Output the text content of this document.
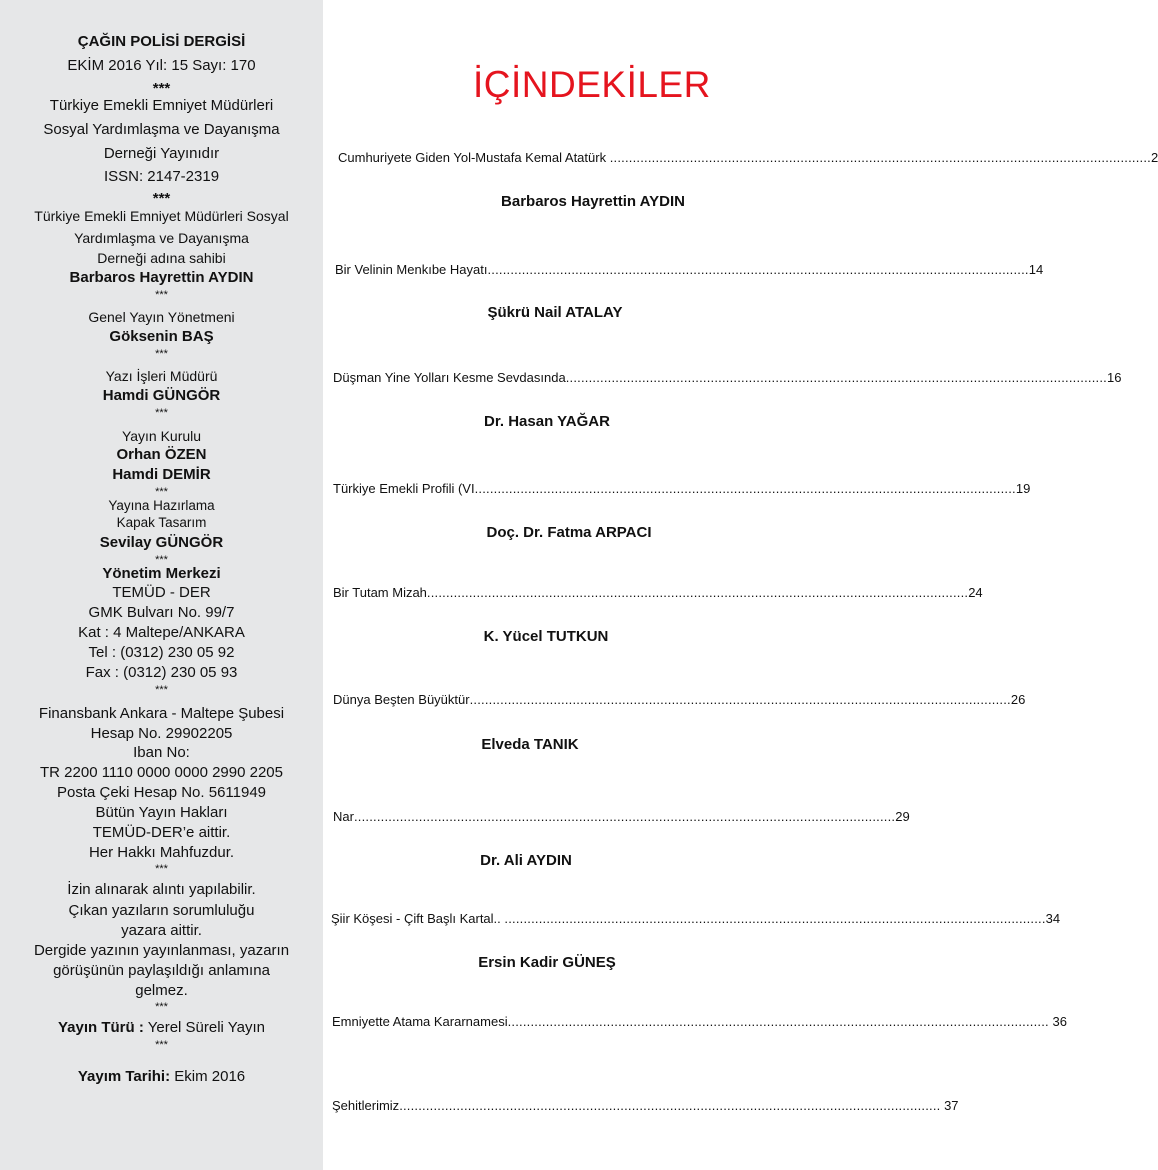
ÇAĞIN POLİSİ DERGİSİ
EKİM 2016 Yıl: 15 Sayı: 170
***
Türkiye Emekli Emniyet Müdürleri
Sosyal Yardımlaşma ve Dayanışma
Derneği Yayınıdır
ISSN: 2147-2319
***
Türkiye Emekli Emniyet Müdürleri Sosyal
Yardımlaşma ve Dayanışma
Derneği adına sahibi
Barbaros Hayrettin AYDIN
***
Genel Yayın Yönetmeni
Göksenin BAŞ
***
Yazı İşleri Müdürü
Hamdi GÜNGÖR
***
Yayın Kurulu
Orhan ÖZEN
Hamdi DEMİR
***
Yayına Hazırlama
Kapak Tasarım
Sevilay GÜNGÖR
***
Yönetim Merkezi
TEMÜD - DER
GMK Bulvarı No. 99/7
Kat : 4 Maltepe/ANKARA
Tel : (0312) 230 05 92
Fax : (0312) 230 05 93
***
Finansbank Ankara - Maltepe Şubesi
Hesap No. 29902205
Iban No:
TR 2200 1110 0000 0000 2990 2205
Posta Çeki Hesap No. 5611949
Bütün Yayın Hakları
TEMÜD-DER’e aittir.
Her Hakkı Mahfuzdur.
***
İzin alınarak alıntı yapılabilir.
Çıkan yazıların sorumluluğu
yazara aittir.
Dergide yazının yayınlanması, yazarın
görüşünün paylaşıldığı anlamına
gelmez.
***
Yayın Türü : Yerel Süreli Yayın
***
Yayım Tarihi: Ekim 2016
İÇİNDEKİLER
Cumhuriyete Giden Yol-Mustafa Kemal Atatürk .............................................................................................................................................. 2
Barbaros Hayrettin AYDIN
Bir Velinin Menkıbe Hayatı .............................................................................................................................................. 14
Şükrü Nail ATALAY
Düşman Yine Yolları Kesme Sevdasında .............................................................................................................................................. 16
Dr. Hasan YAĞAR
Türkiye Emekli Profili (VI .............................................................................................................................................. 19
Doç. Dr. Fatma ARPACI
Bir Tutam Mizah .............................................................................................................................................. 24
K. Yücel TUTKUN
Dünya Beşten Büyüktür .............................................................................................................................................. 26
Elveda TANIK
Nar .............................................................................................................................................. 29
Dr. Ali AYDIN
Şiir Köşesi - Çift Başlı Kartal.. .............................................................................................................................................. 34
Ersin Kadir GÜNEŞ
Emniyette Atama Kararnamesi .............................................................................................................................................. 36
Şehitlerimiz .............................................................................................................................................. 37
